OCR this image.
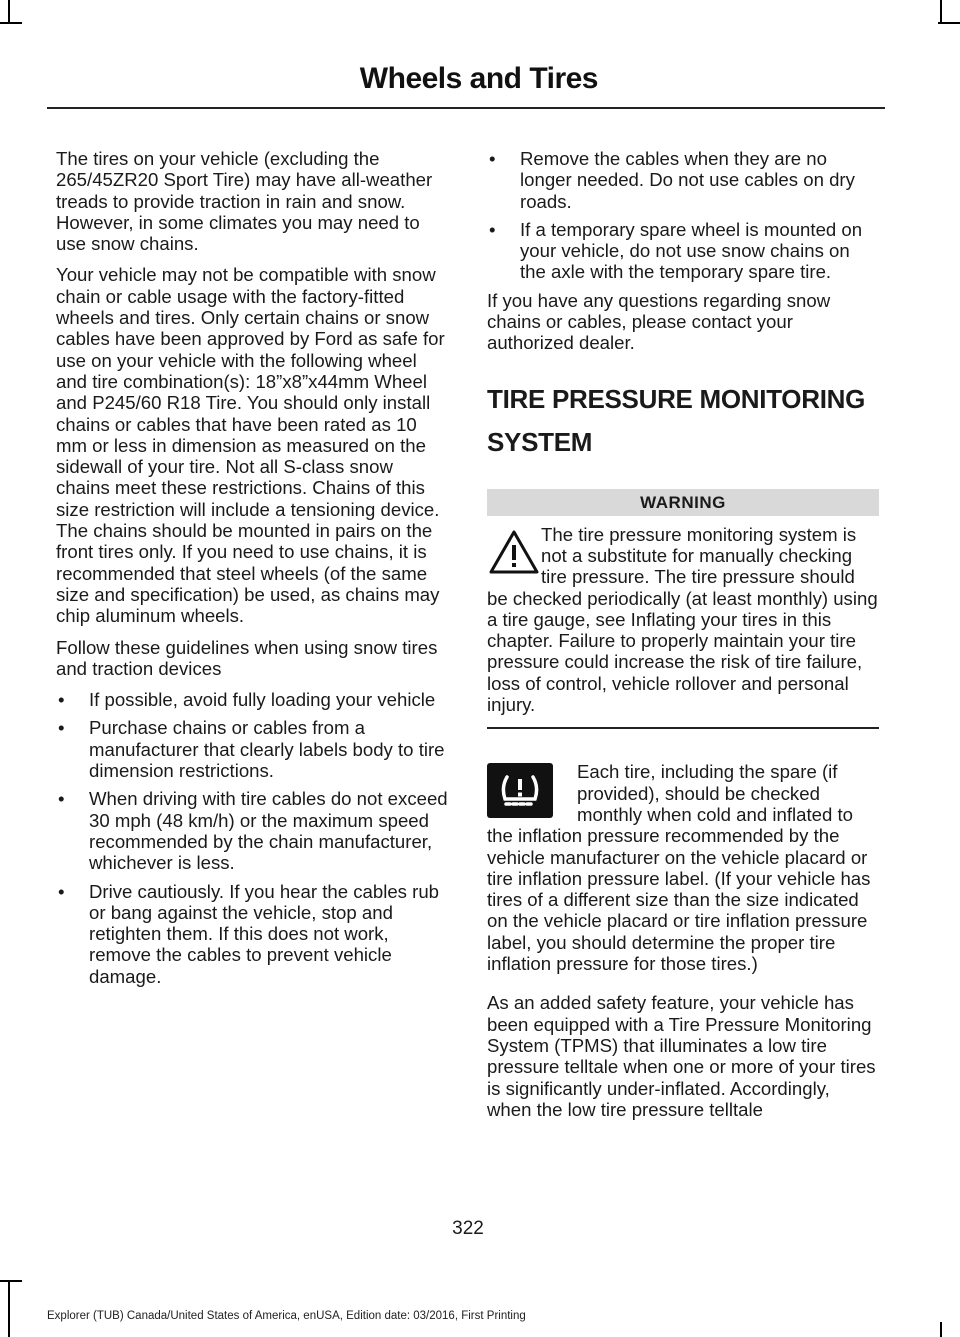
Wheels and Tires

The tires on your vehicle (excluding the 265/45ZR20 Sport Tire) may have all-weather treads to provide traction in rain and snow. However, in some climates you may need to use snow chains.

Your vehicle may not be compatible with snow chain or cable usage with the factory-fitted wheels and tires. Only certain chains or snow cables have been approved by Ford as safe for use on your vehicle with the following wheel and tire combination(s): 18”x8”x44mm Wheel and P245/60 R18 Tire. You should only install chains or cables that have been rated as 10 mm or less in dimension as measured on the sidewall of your tire. Not all S-class snow chains meet these restrictions. Chains of this size restriction will include a tensioning device. The chains should be mounted in pairs on the front tires only. If you need to use chains, it is recommended that steel wheels (of the same size and specification) be used, as chains may chip aluminum wheels.

Follow these guidelines when using snow tires and traction devices

• If possible, avoid fully loading your vehicle
• Purchase chains or cables from a manufacturer that clearly labels body to tire dimension restrictions.
• When driving with tire cables do not exceed 30 mph (48 km/h) or the maximum speed recommended by the chain manufacturer, whichever is less.
• Drive cautiously. If you hear the cables rub or bang against the vehicle, stop and retighten them. If this does not work, remove the cables to prevent vehicle damage.
• Remove the cables when they are no longer needed. Do not use cables on dry roads.
• If a temporary spare wheel is mounted on your vehicle, do not use snow chains on the axle with the temporary spare tire.

If you have any questions regarding snow chains or cables, please contact your authorized dealer.

TIRE PRESSURE MONITORING
SYSTEM
WARNING
The tire pressure monitoring system is not a substitute for manually checking tire pressure. The tire pressure should be checked periodically (at least monthly) using a tire gauge, see Inflating your tires in this chapter. Failure to properly maintain your tire pressure could increase the risk of tire failure, loss of control, vehicle rollover and personal injury.

Each tire, including the spare (if provided), should be checked monthly when cold and inflated to the inflation pressure recommended by the vehicle manufacturer on the vehicle placard or tire inflation pressure label. (If your vehicle has tires of a different size than the size indicated on the vehicle placard or tire inflation pressure label, you should determine the proper tire inflation pressure for those tires.)

As an added safety feature, your vehicle has been equipped with a Tire Pressure Monitoring System (TPMS) that illuminates a low tire pressure telltale when one or more of your tires is significantly under-inflated. Accordingly, when the low tire pressure telltale

322
Explorer (TUB) Canada/United States of America, enUSA, Edition date: 03/2016, First Printing
